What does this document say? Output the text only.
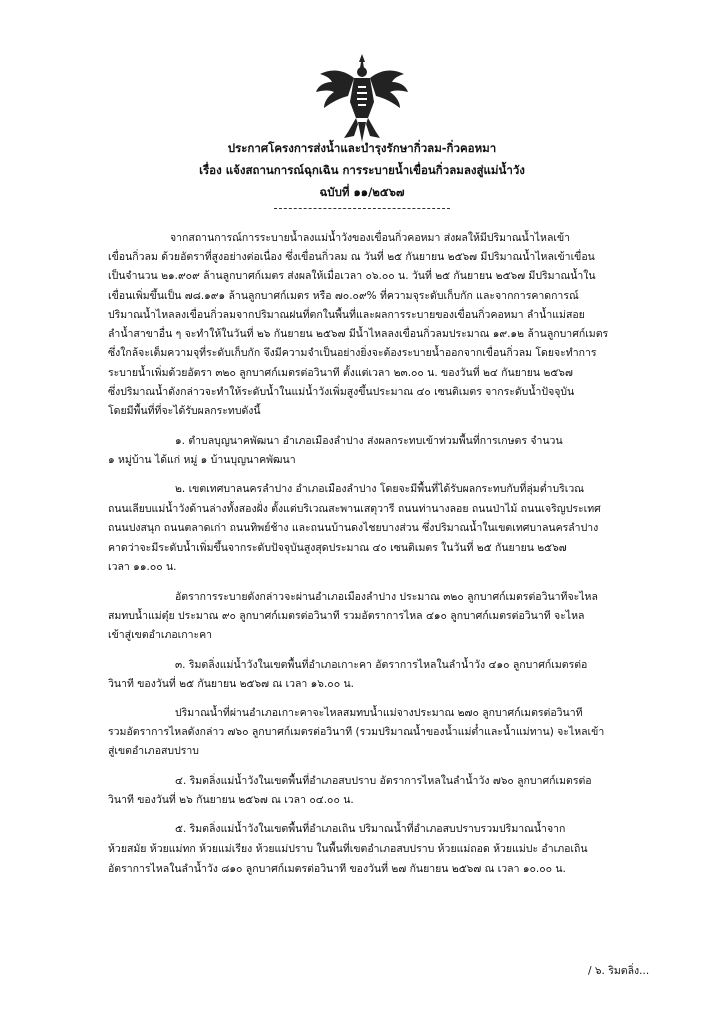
ประกาศโครงการส่งน้ำและบำรุงรักษากิ่วลม-กิ่วคอหมา
เรื่อง แจ้งสถานการณ์ฉุกเฉิน การระบายน้ำเขื่อนกิ่วลมลงสู่แม่น้ำวัง
ฉบับที่ ๑๑/๒๕๖๗
จากสถานการณ์การระบายน้ำลงแม่น้ำวังของเขื่อนกิ่วคอหมา ส่งผลให้มีปริมาณน้ำไหลเข้า
เขื่อนกิ่วลม ด้วยอัตราที่สูงอย่างต่อเนื่อง ซึ่งเขื่อนกิ่วลม ณ วันที่ ๒๕ กันยายน ๒๕๖๗ มีปริมาณน้ำไหลเข้าเขื่อน
เป็นจำนวน ๒๑.๙๐๙ ล้านลูกบาศก์เมตร ส่งผลให้เมื่อเวลา ๐๖.๐๐ น. วันที่ ๒๕ กันยายน ๒๕๖๗ มีปริมาณน้ำใน
เขื่อนเพิ่มขึ้นเป็น ๗๘.๑๙๑ ล้านลูกบาศก์เมตร หรือ ๗๐.๐๙% ที่ความจุระดับเก็บกัก และจากการคาดการณ์
ปริมาณน้ำไหลลงเขื่อนกิ่วลมจากปริมาณฝนที่ตกในพื้นที่และผลการระบายของเขื่อนกิ่วคอหมา ลำน้ำแม่สอย
ลำน้ำสาขาอื่น ๆ จะทำให้ในวันที่ ๒๖ กันยายน ๒๕๖๗ มีน้ำไหลลงเขื่อนกิ่วลมประมาณ ๑๙.๑๒ ล้านลูกบาศก์เมตร
ซึ่งใกล้จะเต็มความจุที่ระดับเก็บกัก จึงมีความจำเป็นอย่างยิ่งจะต้องระบายน้ำออกจากเขื่อนกิ่วลม โดยจะทำการ
ระบายน้ำเพิ่มด้วยอัตรา ๓๒๐ ลูกบาศก์เมตรต่อวินาที ตั้งแต่เวลา ๒๓.๐๐ น. ของวันที่ ๒๔ กันยายน ๒๕๖๗
ซึ่งปริมาณน้ำดังกล่าวจะทำให้ระดับน้ำในแม่น้ำวังเพิ่มสูงขึ้นประมาณ ๔๐ เซนติเมตร จากระดับน้ำปัจจุบัน
โดยมีพื้นที่ที่จะได้รับผลกระทบดังนี้
๑. ตำบลบุญนาคพัฒนา อำเภอเมืองลำปาง ส่งผลกระทบเข้าท่วมพื้นที่การเกษตร จำนวน
๑ หมู่บ้าน ได้แก่ หมู่ ๑ บ้านบุญนาคพัฒนา
๒. เขตเทศบาลนครลำปาง อำเภอเมืองลำปาง โดยจะมีพื้นที่ได้รับผลกระทบกับที่ลุ่มต่ำบริเวณ
ถนนเลียบแม่น้ำวังด้านล่างทั้งสองฝั่ง ตั้งแต่บริเวณสะพานเสตุวารี ถนนท่านางลอย ถนนป่าไม้ ถนนเจริญประเทศ
ถนนปงสนุก ถนนตลาดเก่า ถนนทิพย์ช้าง และถนนบ้านดงไชยบางส่วน ซึ่งปริมาณน้ำในเขตเทศบาลนครลำปาง
คาดว่าจะมีระดับน้ำเพิ่มขึ้นจากระดับปัจจุบันสูงสุดประมาณ ๔๐ เซนติเมตร ในวันที่ ๒๕ กันยายน ๒๕๖๗
เวลา ๑๑.๐๐ น.
อัตราการระบายดังกล่าวจะผ่านอำเภอเมืองลำปาง ประมาณ ๓๒๐ ลูกบาศก์เมตรต่อวินาทีจะไหล
สมทบน้ำแม่ตุ๋ย ประมาณ ๙๐ ลูกบาศก์เมตรต่อวินาที รวมอัตราการไหล ๔๑๐ ลูกบาศก์เมตรต่อวินาที จะไหล
เข้าสู่เขตอำเภอเกาะคา
๓. ริมตลิ่งแม่น้ำวังในเขตพื้นที่อำเภอเกาะคา อัตราการไหลในลำน้ำวัง ๔๑๐ ลูกบาศก์เมตรต่อ
วินาที ของวันที่ ๒๕ กันยายน ๒๕๖๗ ณ เวลา ๑๖.๐๐ น.
ปริมาณน้ำที่ผ่านอำเภอเกาะคาจะไหลสมทบน้ำแม่จางประมาณ ๒๗๐ ลูกบาศก์เมตรต่อวินาที
รวมอัตราการไหลดังกล่าว ๗๖๐ ลูกบาศก์เมตรต่อวินาที (รวมปริมาณน้ำของน้ำแม่ต๋ำและน้ำแม่ทาน) จะไหลเข้า
สู่เขตอำเภอสบปราบ
๔. ริมตลิ่งแม่น้ำวังในเขตพื้นที่อำเภอสบปราบ อัตราการไหลในลำน้ำวัง ๗๖๐ ลูกบาศก์เมตรต่อ
วินาที ของวันที่ ๒๖ กันยายน ๒๕๖๗ ณ เวลา ๐๔.๐๐ น.
๕. ริมตลิ่งแม่น้ำวังในเขตพื้นที่อำเภอเถิน ปริมาณน้ำที่อำเภอสบปราบรวมปริมาณน้ำจาก
ห้วยสมัย ห้วยแม่ทก ห้วยแม่เรียง ห้วยแม่ปราบ ในพื้นที่เขตอำเภอสบปราบ ห้วยแม่ถอด ห้วยแม่ปะ อำเภอเถิน
อัตราการไหลในลำน้ำวัง ๘๑๐ ลูกบาศก์เมตรต่อวินาที ของวันที่ ๒๗ กันยายน ๒๕๖๗ ณ เวลา ๑๐.๐๐ น.
/ ๖. ริมตลิ่ง...
